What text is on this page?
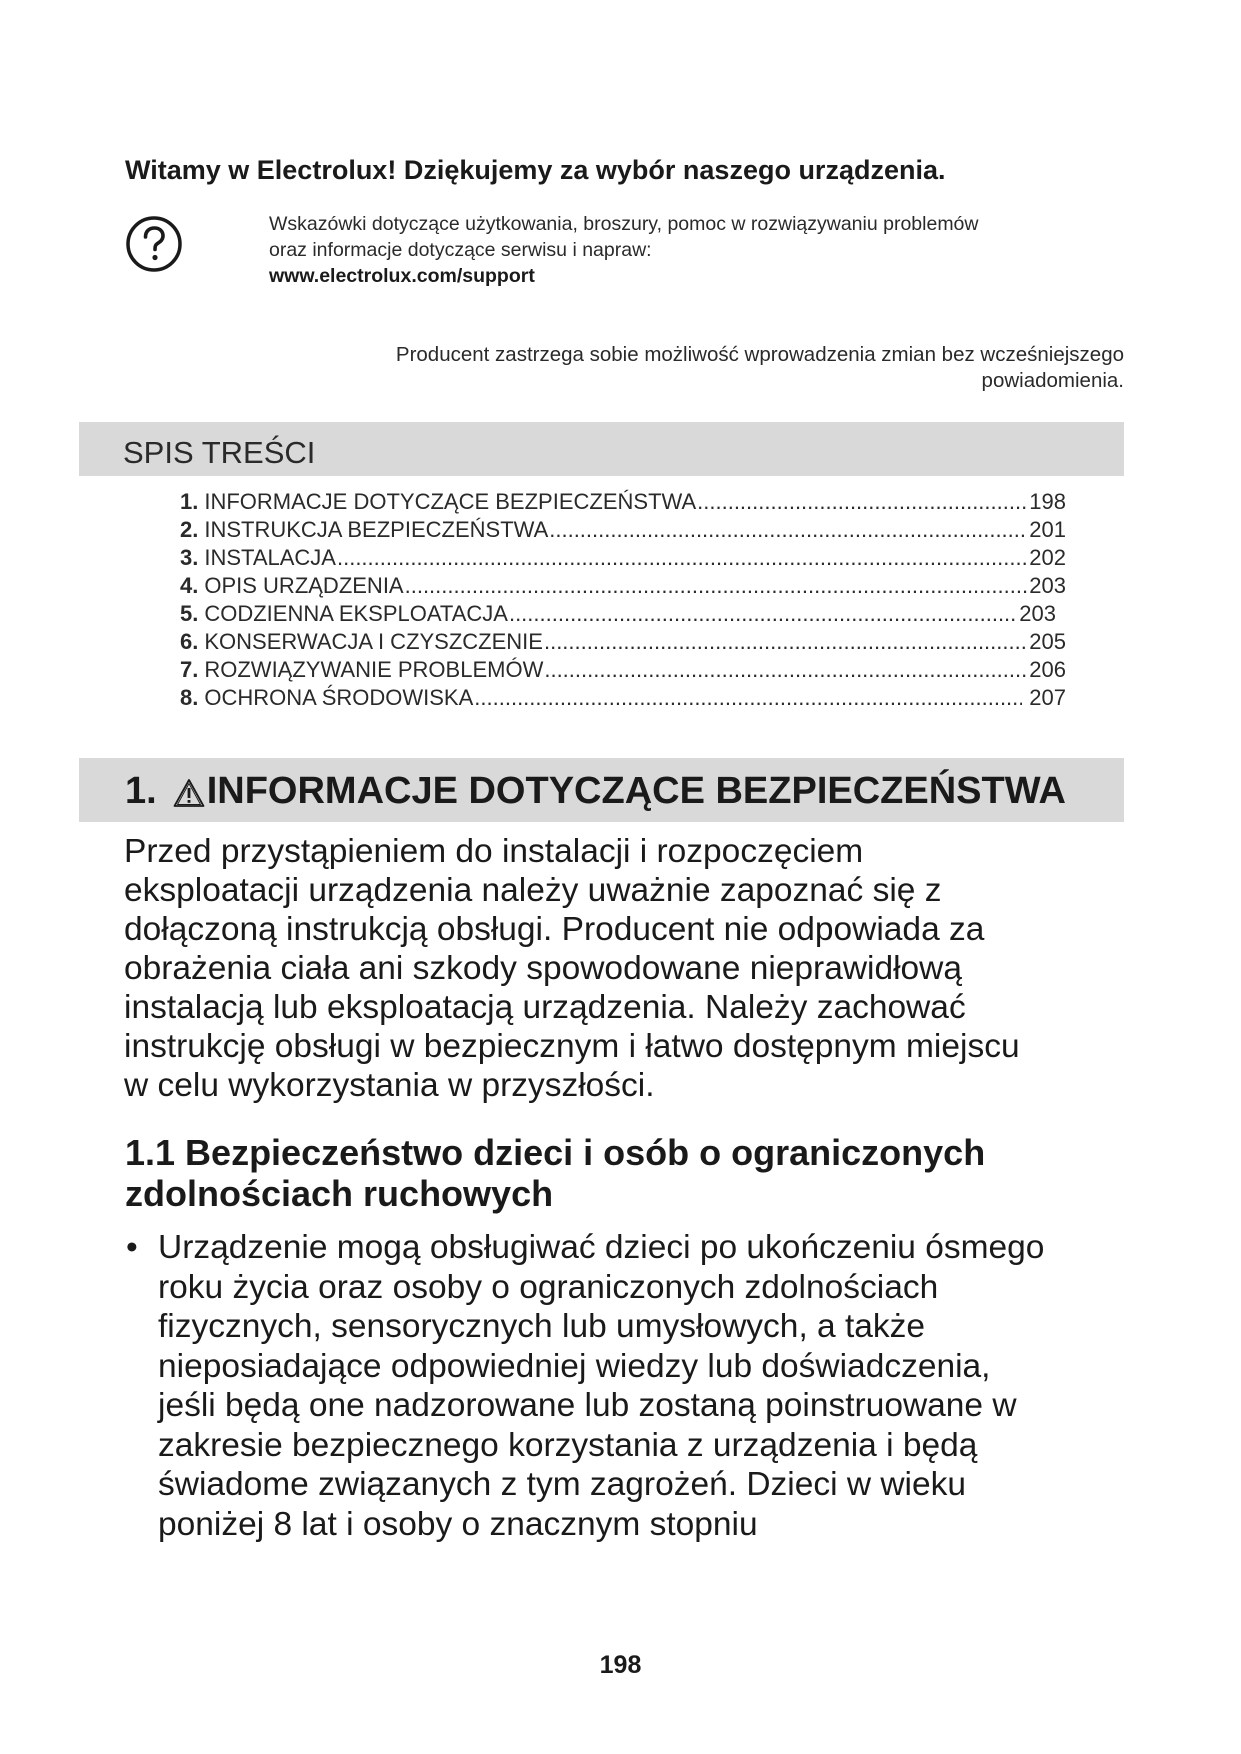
Witamy w Electrolux! Dziękujemy za wybór naszego urządzenia.
Wskazówki dotyczące użytkowania, broszury, pomoc w rozwiązywaniu problemów
oraz informacje dotyczące serwisu i napraw:
www.electrolux.com/support
Producent zastrzega sobie możliwość wprowadzenia zmian bez wcześniejszego
powiadomienia.
SPIS TREŚCI
1. INFORMACJE DOTYCZĄCE BEZPIECZEŃSTWA .....	198
2. INSTRUKCJA BEZPIECZEŃSTWA .....	201
3. INSTALACJA .....	202
4. OPIS URZĄDZENIA .....	203
5. CODZIENNA EKSPLOATACJA .....	203
6. KONSERWACJA I CZYSZCZENIE .....	205
7. ROZWIĄZYWANIE PROBLEMÓW .....	206
8. OCHRONA ŚRODOWISKA .....	207
1. INFORMACJE DOTYCZĄCE BEZPIECZEŃSTWA

Przed przystąpieniem do instalacji i rozpoczęciem
eksploatacji urządzenia należy uważnie zapoznać się z
dołączoną instrukcją obsługi. Producent nie odpowiada za
obrażenia ciała ani szkody spowodowane nieprawidłową
instalacją lub eksploatacją urządzenia. Należy zachować
instrukcję obsługi w bezpiecznym i łatwo dostępnym miejscu
w celu wykorzystania w przyszłości.

1.1 Bezpieczeństwo dzieci i osób o ograniczonych
zdolnościach ruchowych

• Urządzenie mogą obsługiwać dzieci po ukończeniu ósmego
roku życia oraz osoby o ograniczonych zdolnościach
fizycznych, sensorycznych lub umysłowych, a także
nieposiadające odpowiedniej wiedzy lub doświadczenia,
jeśli będą one nadzorowane lub zostaną poinstruowane w
zakresie bezpiecznego korzystania z urządzenia i będą
świadome związanych z tym zagrożeń. Dzieci w wieku
poniżej 8 lat i osoby o znacznym stopniu

198
